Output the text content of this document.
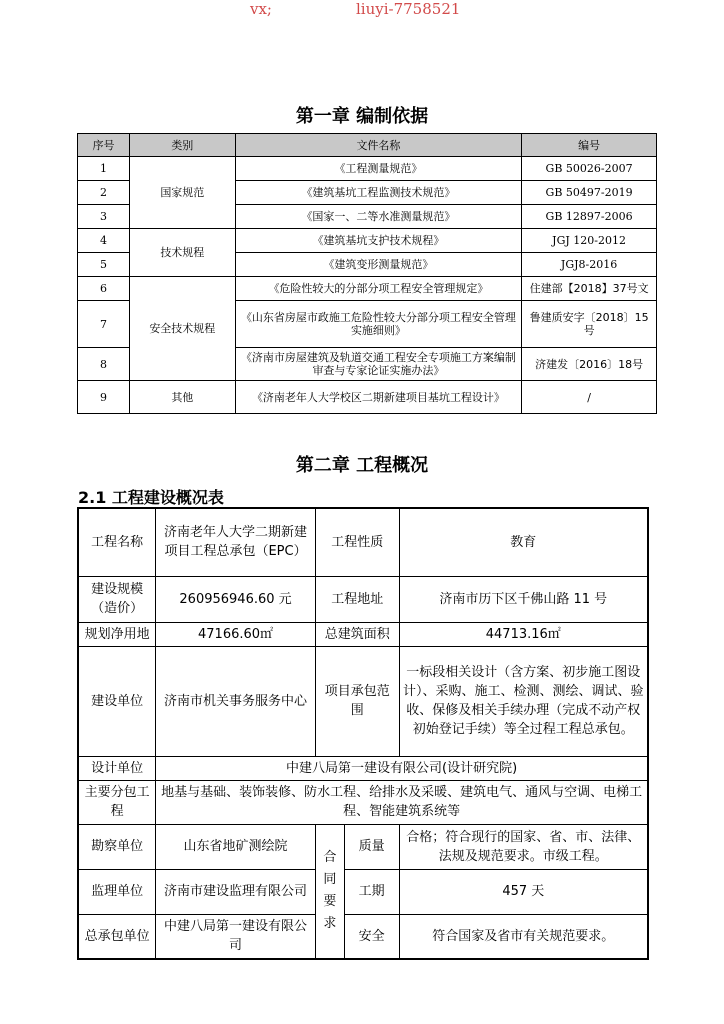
vx;	liuyi-7758521
第一章 编制依据
序号	类别	文件名称	编号
1	国家规范	《工程测量规范》	GB 50026-2007
2		《建筑基坑工程监测技术规范》	GB 50497-2019
3		《国家一、二等水准测量规范》	GB 12897-2006
4	技术规程	《建筑基坑支护技术规程》	JGJ 120-2012
5		《建筑变形测量规范》	JGJ8-2016
6	安全技术规程	《危险性较大的分部分项工程安全管理规定》	住建部【2018】37号文
7		《山东省房屋市政施工危险性较大分部分项工程安全管理实施细则》	鲁建质安字〔2018〕15号
8		《济南市房屋建筑及轨道交通工程安全专项施工方案编制审查与专家论证实施办法》	济建发〔2016〕18号
9	其他	《济南老年人大学校区二期新建项目基坑工程设计》	/
第二章 工程概况
2.1 工程建设概况表
工程名称	济南老年人大学二期新建项目工程总承包（EPC）	工程性质		教育
建设规模（造价）	260956946.60 元	工程地址		济南市历下区千佛山路 11 号
规划净用地	47166.60㎡	总建筑面积		44713.16㎡
建设单位	济南市机关事务服务中心	项目承包范围		一标段相关设计（含方案、初步施工图设计）、采购、施工、检测、测绘、调试、验收、保修及相关手续办理（完成不动产权初始登记手续）等全过程工程总承包。
设计单位	中建八局第一建设有限公司(设计研究院)			
主要分包工程	地基与基础、装饰装修、防水工程、给排水及采暖、建筑电气、通风与空调、电梯工程、智能建筑系统等			
勘察单位	山东省地矿测绘院	合同要求	质量	合格；符合现行的国家、省、市、法律、法规及规范要求。市级工程。
监理单位	济南市建设监理有限公司		工期	457 天
总承包单位	中建八局第一建设有限公司		安全	符合国家及省市有关规范要求。
